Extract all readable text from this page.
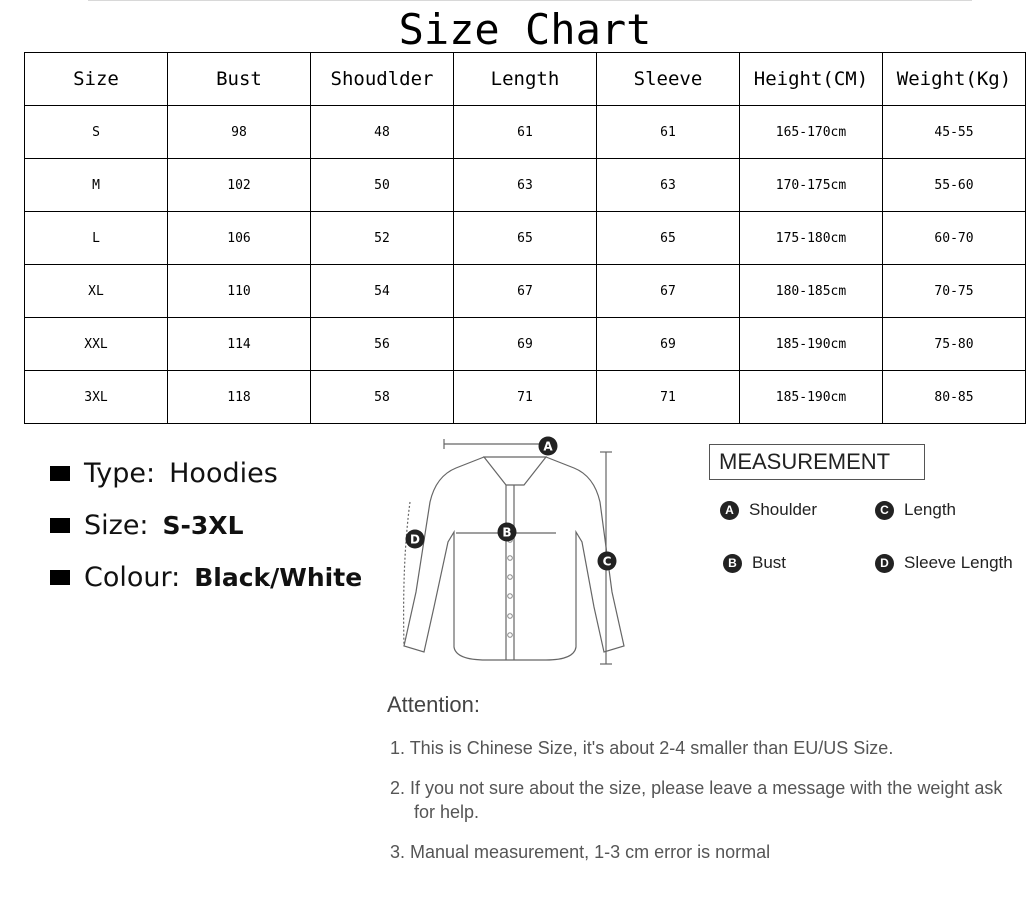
Size Chart
Size	Bust	Shoudlder	Length	Sleeve	Height(CM)	Weight(Kg)
S	98	48	61	61	165-170cm	45-55
M	102	50	63	63	170-175cm	55-60
L	106	52	65	65	175-180cm	60-70
XL	110	54	67	67	180-185cm	70-75
XXL	114	56	69	69	185-190cm	75-80
3XL	118	58	71	71	185-190cm	80-85
Type: Hoodies
Size: S-3XL
Colour: Black/White
A
B
C
D
MEASUREMENT
A Shoulder	C Length
B Bust	D Sleeve Length
Attention:
1. This is Chinese Size, it's about 2-4 smaller than EU/US Size.
2. If you not sure about the size, please leave a message with the weight ask for help.
3. Manual measurement, 1-3 cm error is normal
